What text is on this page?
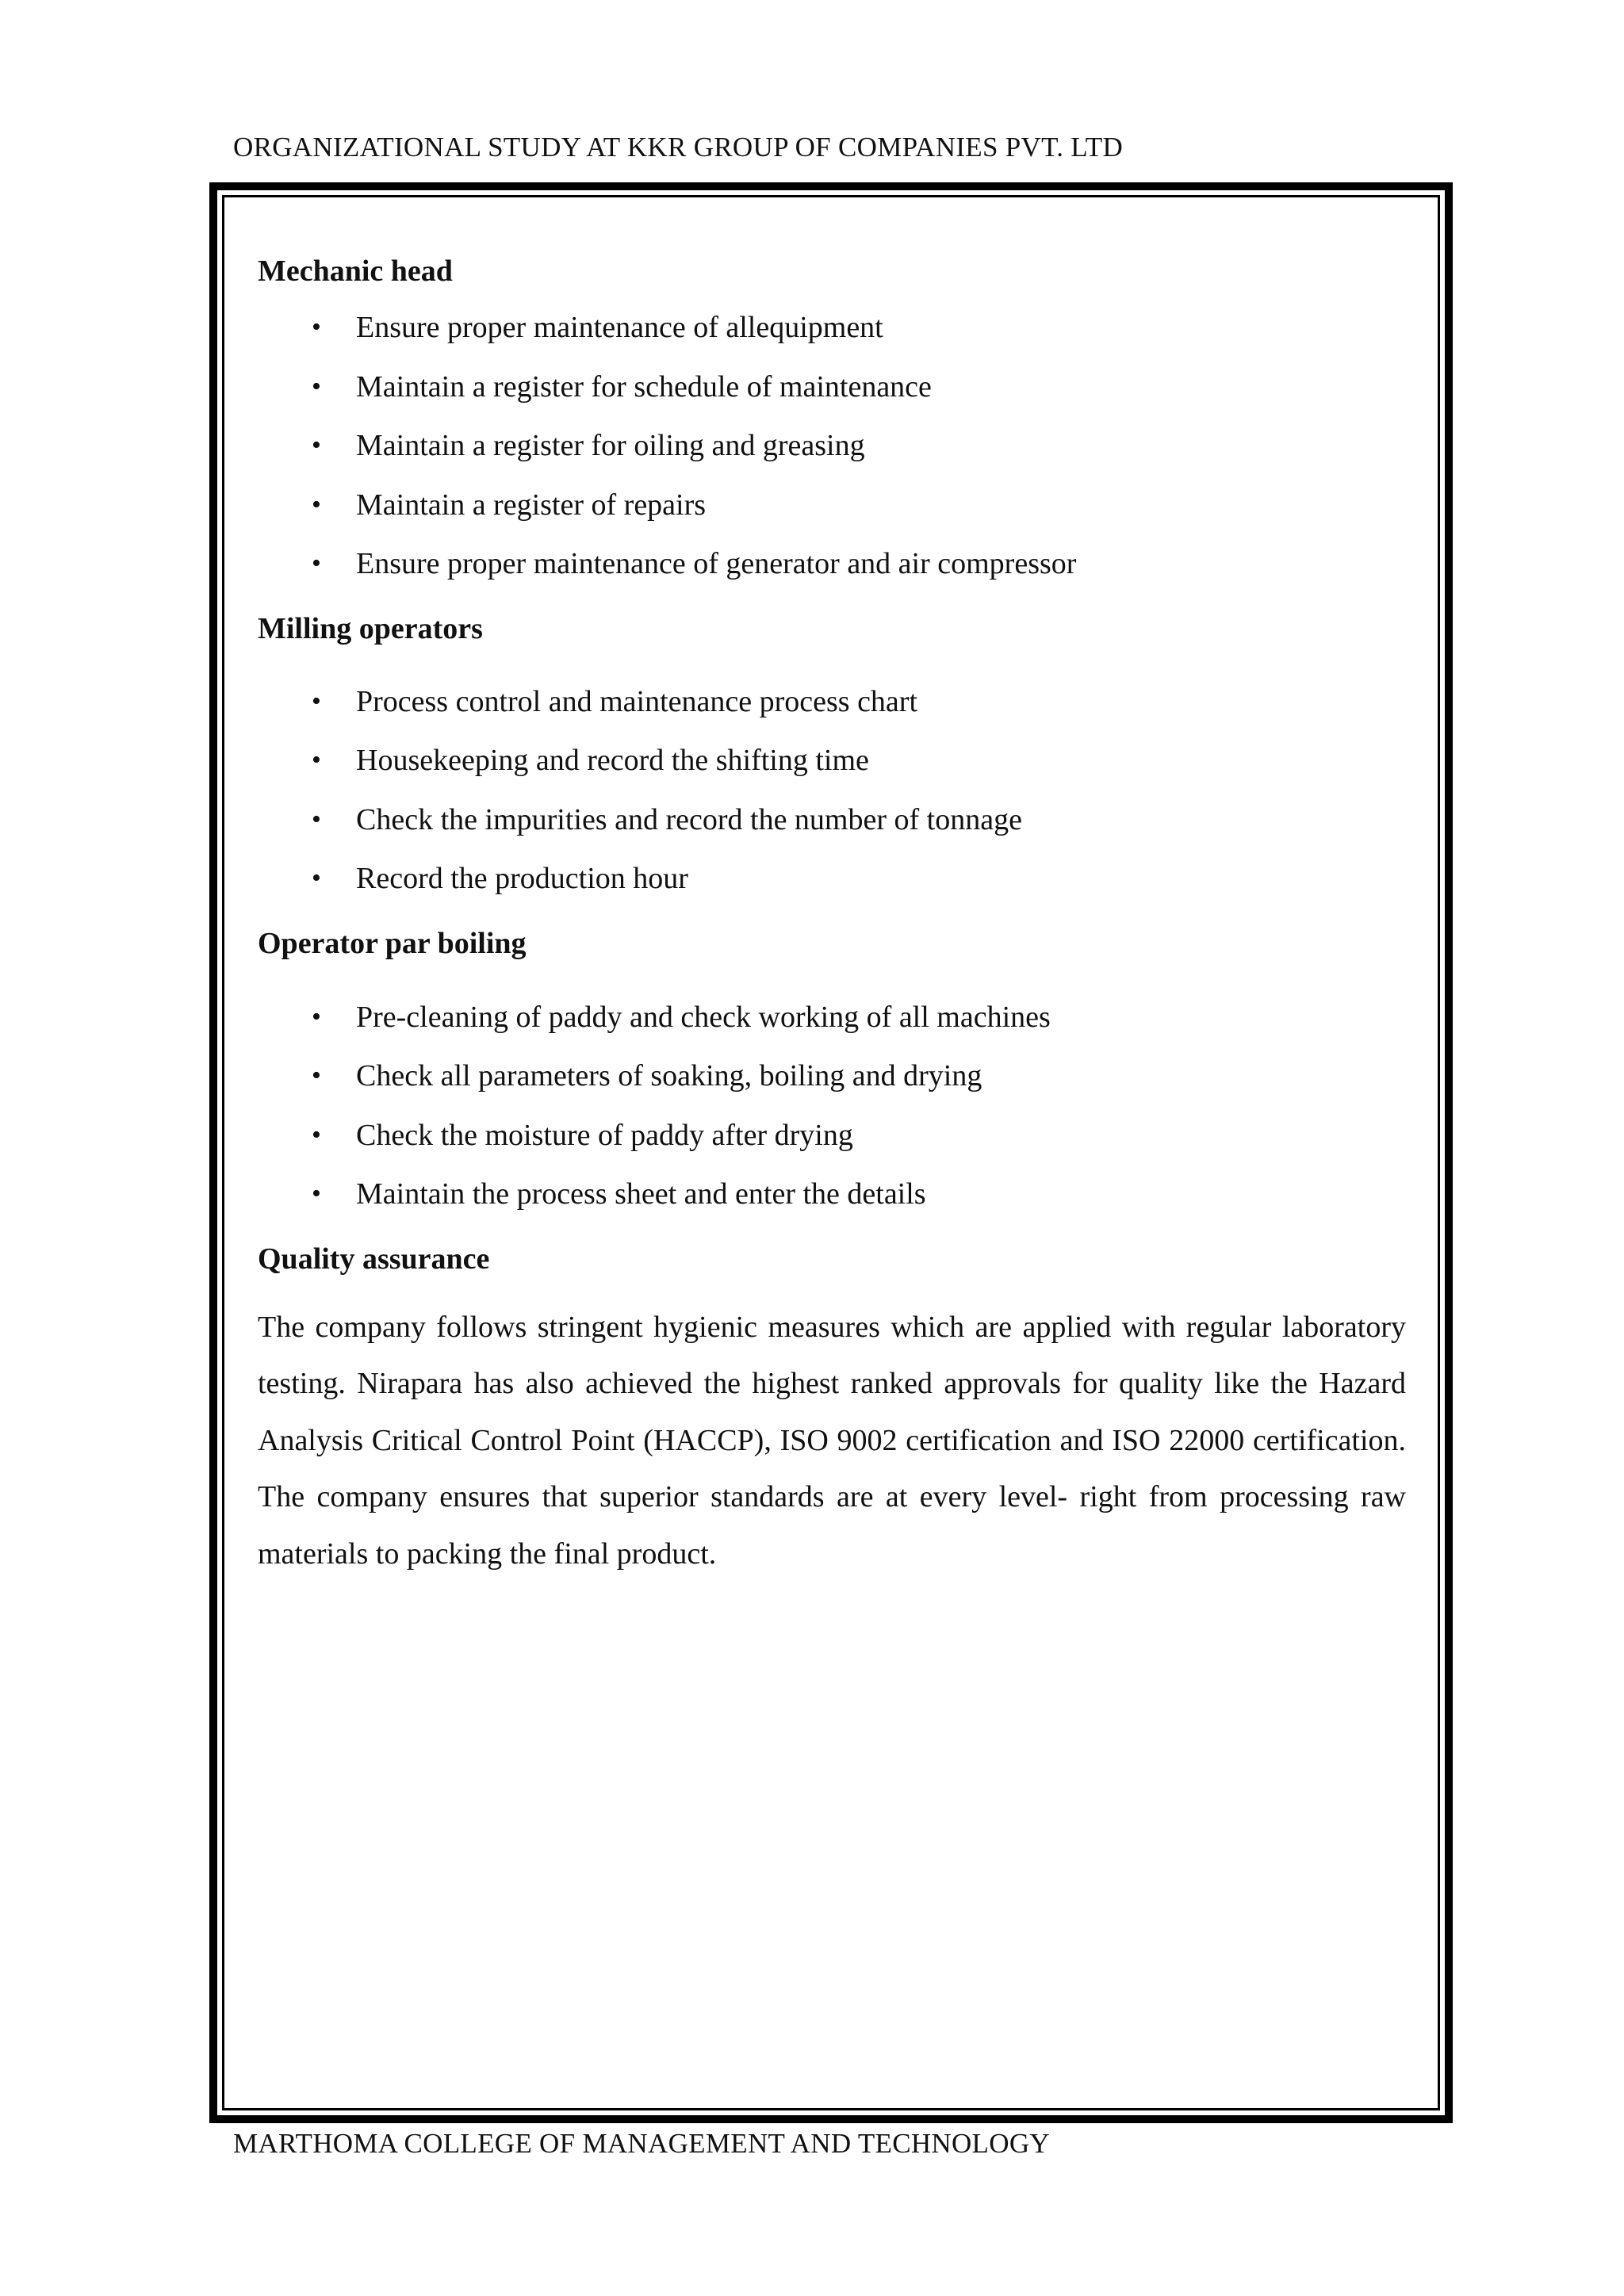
ORGANIZATIONAL STUDY AT KKR GROUP OF COMPANIES PVT. LTD

Mechanic head

• Ensure proper maintenance of allequipment
• Maintain a register for schedule of maintenance
• Maintain a register for oiling and greasing
• Maintain a register of repairs
• Ensure proper maintenance of generator and air compressor

Milling operators

• Process control and maintenance process chart
• Housekeeping and record the shifting time
• Check the impurities and record the number of tonnage
• Record the production hour

Operator par boiling

• Pre-cleaning of paddy and check working of all machines
• Check all parameters of soaking, boiling and drying
• Check the moisture of paddy after drying
• Maintain the process sheet and enter the details

Quality assurance

The company follows stringent hygienic measures which are applied with regular laboratory testing. Nirapara has also achieved the highest ranked approvals for quality like the Hazard Analysis Critical Control Point (HACCP), ISO 9002 certification and ISO 22000 certification. The company ensures that superior standards are at every level- right from processing raw materials to packing the final product.

MARTHOMA COLLEGE OF MANAGEMENT AND TECHNOLOGY
